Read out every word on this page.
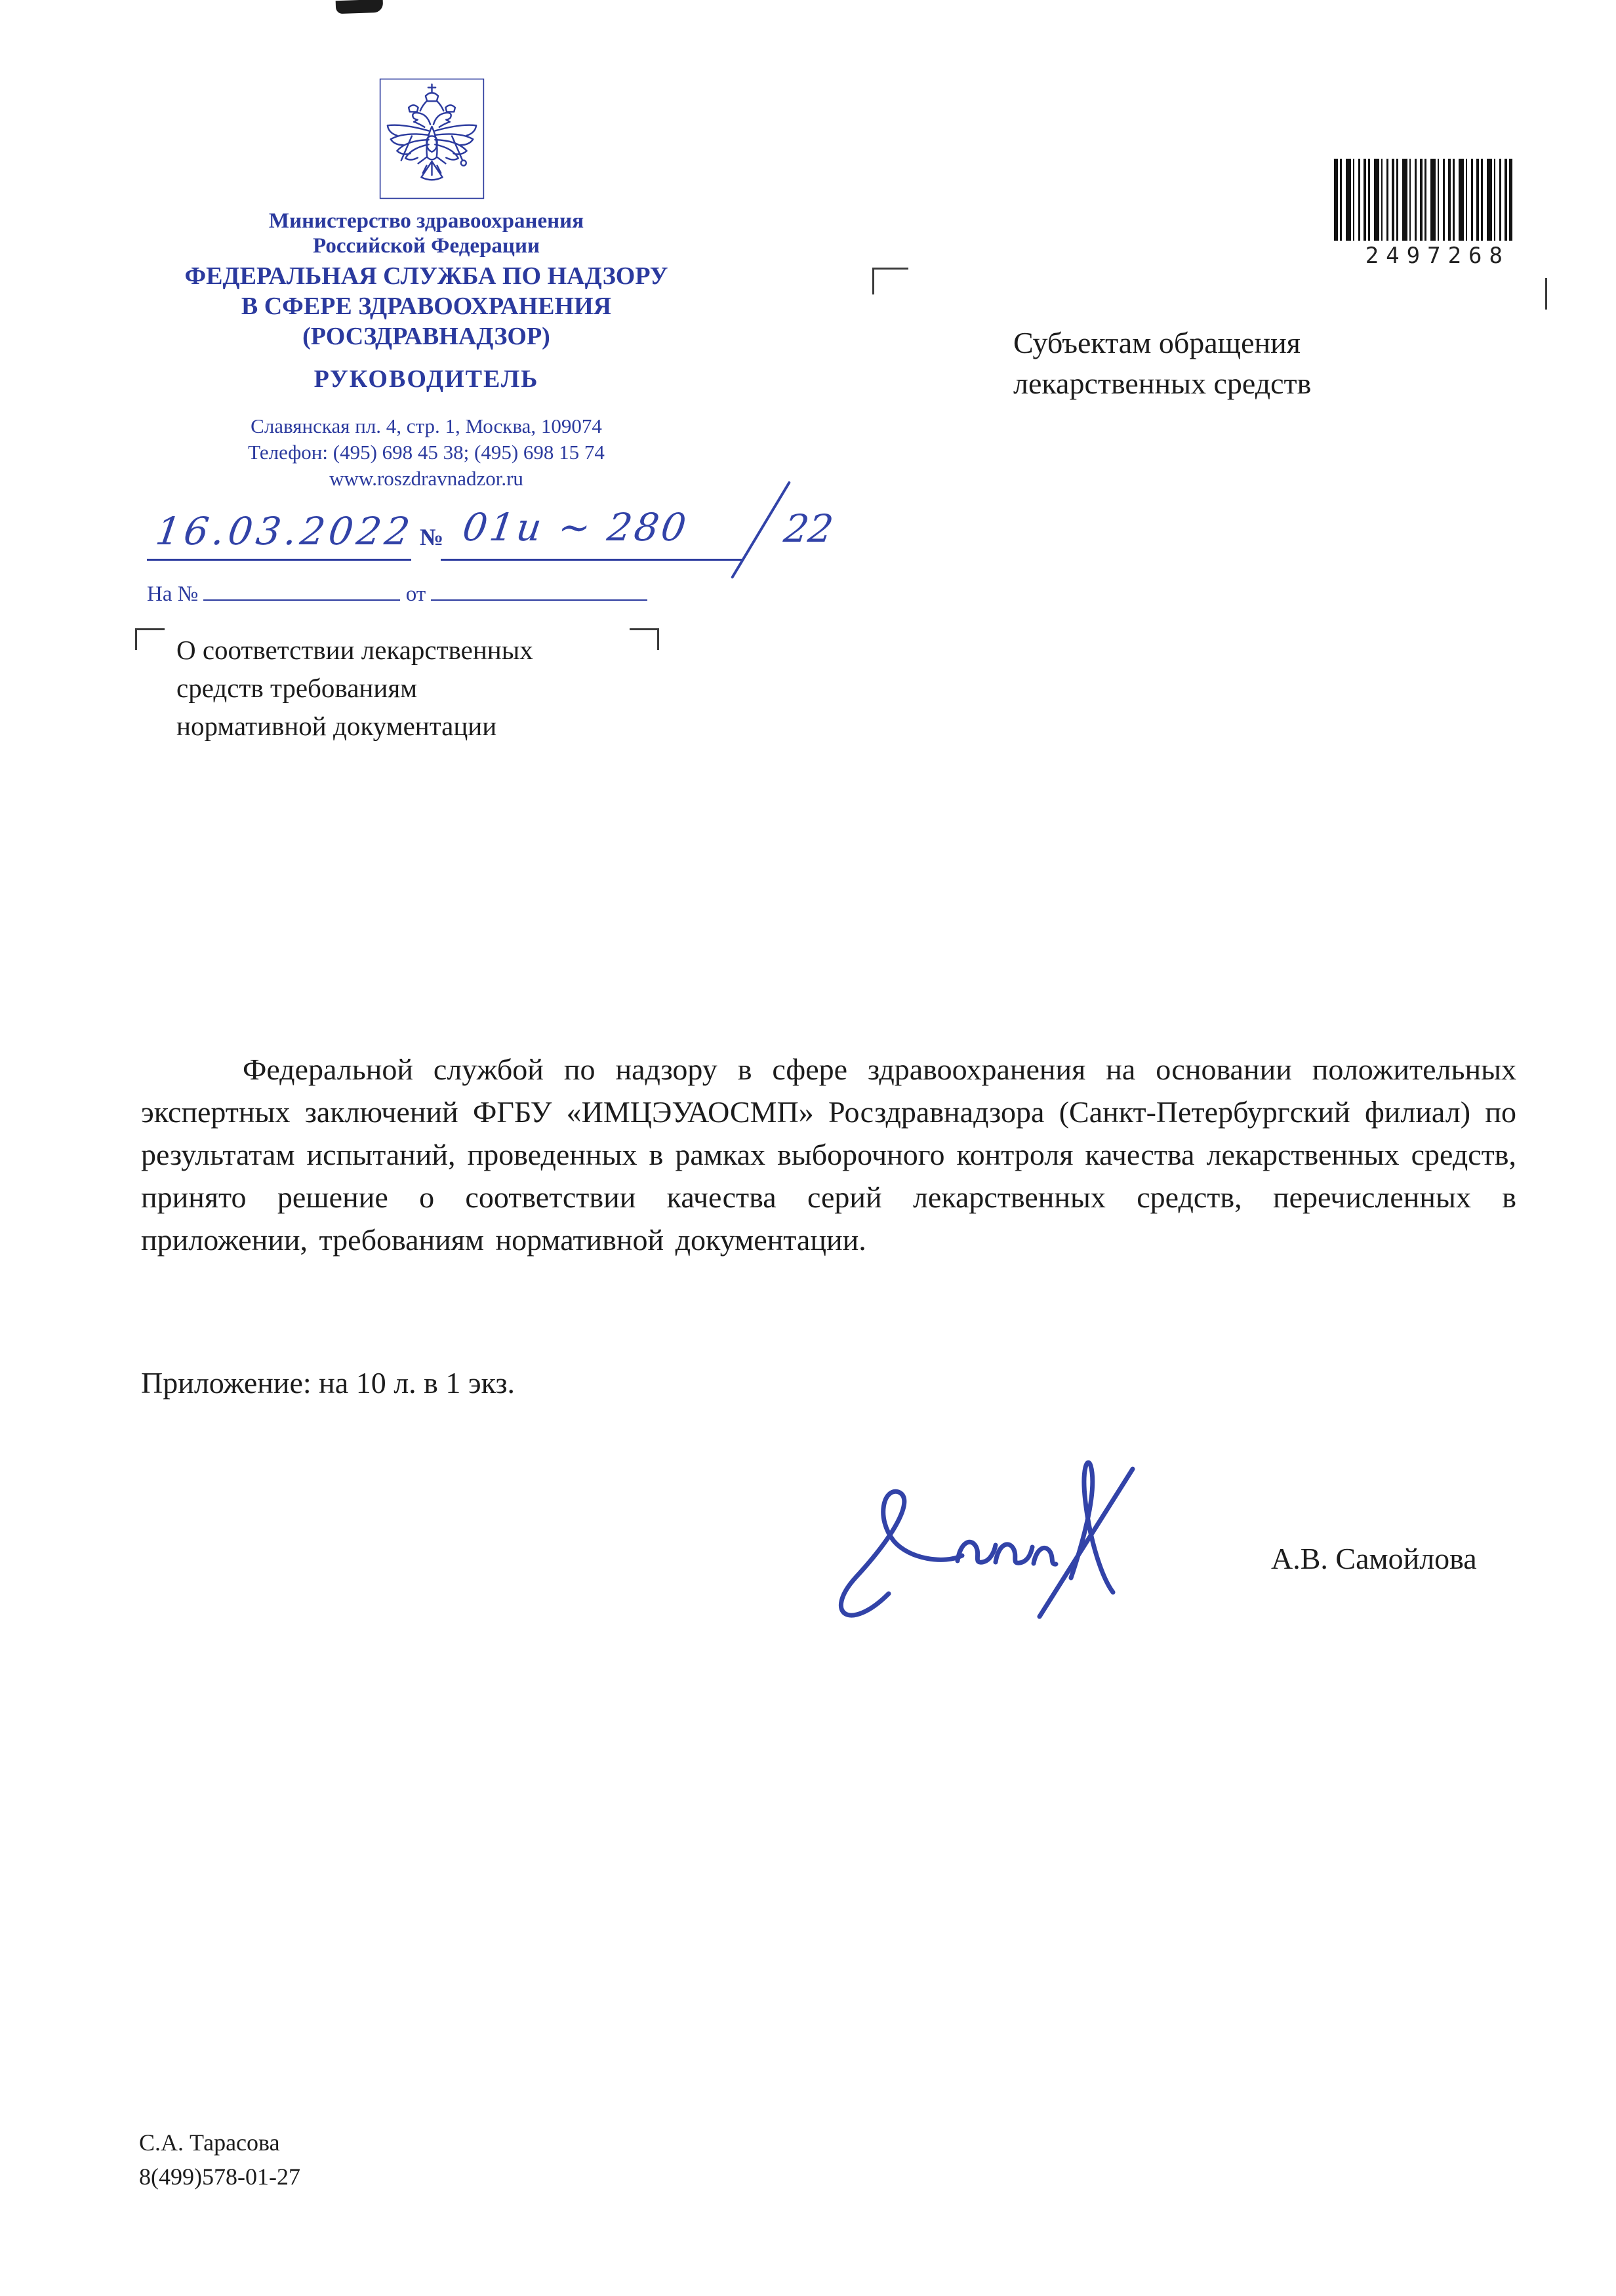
Министерство здравоохранения
Российской Федерации
ФЕДЕРАЛЬНАЯ СЛУЖБА ПО НАДЗОРУ
В СФЕРЕ ЗДРАВООХРАНЕНИЯ
(РОСЗДРАВНАДЗОР)
РУКОВОДИТЕЛЬ
Славянская пл. 4, стр. 1, Москва, 109074
Телефон: (495) 698 45 38; (495) 698 15 74
www.roszdravnadzor.ru
16.03.2022 № 01и ~ 280 22
На №	от
О соответствии лекарственных
средств требованиям
нормативной документации
Субъектам обращения
лекарственных средств
2497268
Федеральной службой по надзору в сфере здравоохранения на основании положительных экспертных заключений ФГБУ «ИМЦЭУАОСМП» Росздравнадзора (Санкт-Петербургский филиал) по результатам испытаний, проведенных в рамках выборочного контроля качества лекарственных средств, принято решение о соответствии качества серий лекарственных средств, перечисленных в приложении, требованиям нормативной документации.
Приложение: на 10 л. в 1 экз.
А.В. Самойлова
С.А. Тарасова
8(499)578-01-27
